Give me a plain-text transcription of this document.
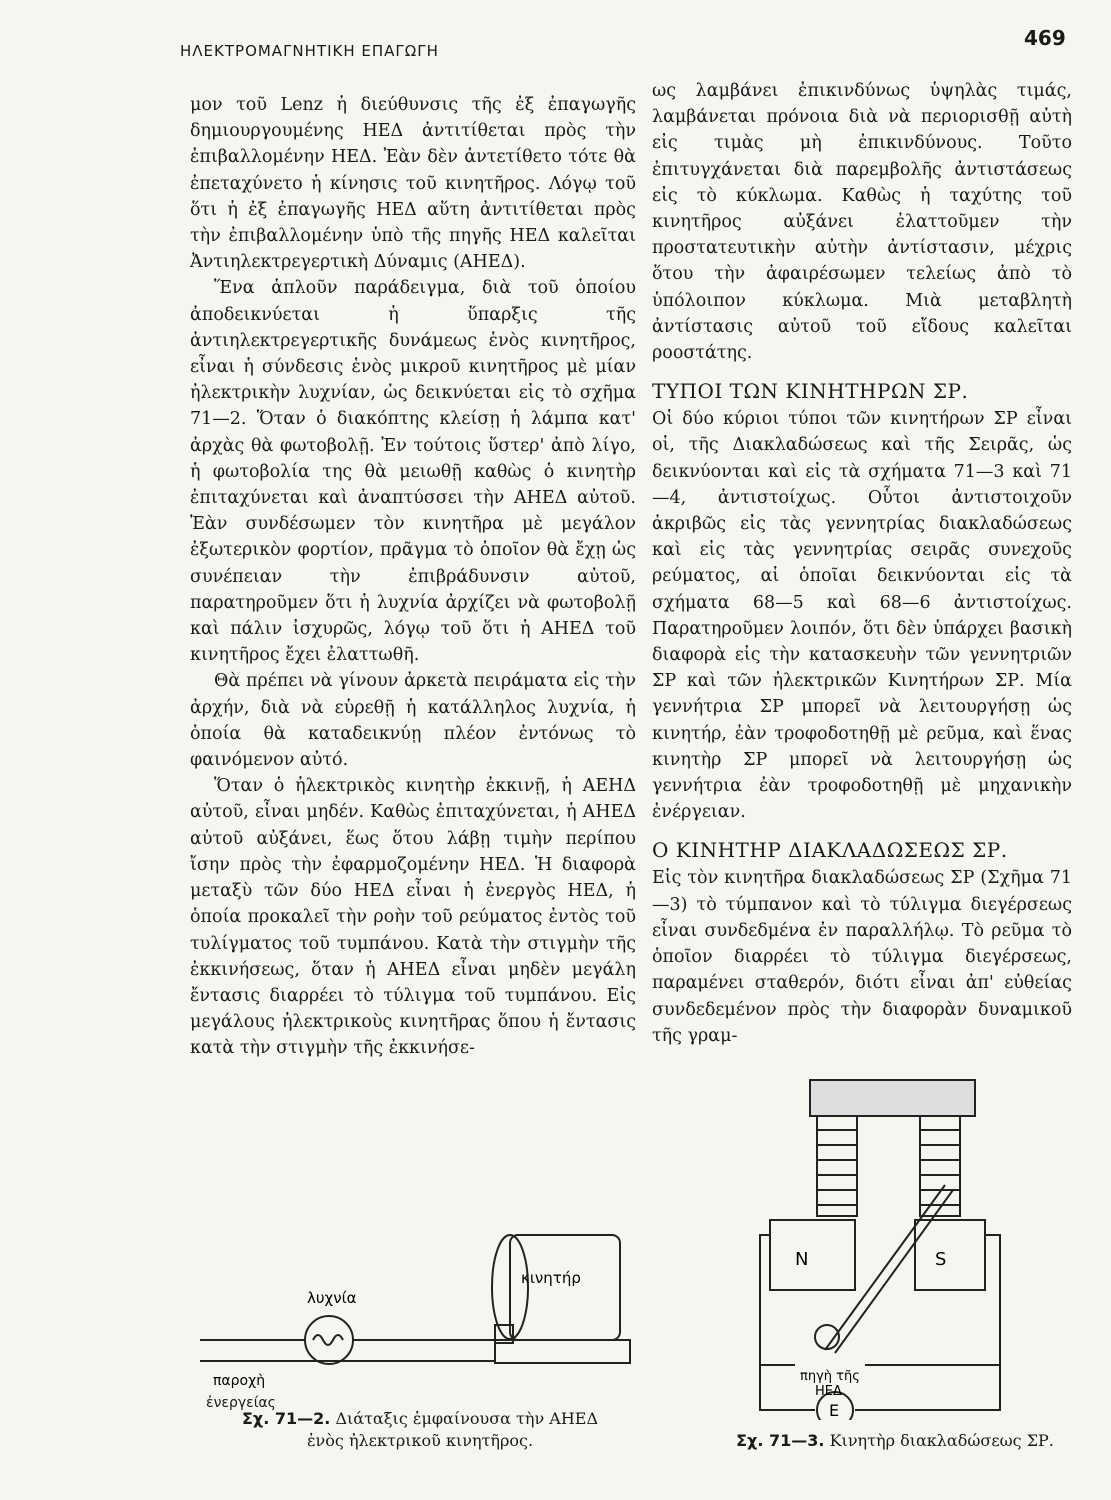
ΗΛΕΚΤΡΟΜΑΓΝΗΤΙΚΗ ΕΠΑΓΩΓΗ
469

μον τοῦ Lenz ἡ διεύθυνσις τῆς ἐξ ἐπαγωγῆς δημιουργουμένης ΗΕΔ ἀντιτίθεται πρὸς τὴν ἐπιβαλλομένην ΗΕΔ. Ἐὰν δὲν ἀντετίθετο τότε θὰ ἐπεταχύνετο ἡ κίνησις τοῦ κινητῆρος. Λόγῳ τοῦ ὅτι ἡ ἐξ ἐπαγωγῆς ΗΕΔ αὕτη ἀντιτίθεται πρὸς τὴν ἐπιβαλλομένην ὑπὸ τῆς πηγῆς ΗΕΔ καλεῖται Ἀντιηλεκτρεγερτικὴ Δύναμις (ΑΗΕΔ).

Ἕνα ἁπλοῦν παράδειγμα, διὰ τοῦ ὁποίου ἀποδεικνύεται ἡ ὕπαρξις τῆς ἀντιηλεκτρεγερτικῆς δυνάμεως ἑνὸς κινητῆρος, εἶναι ἡ σύνδεσις ἑνὸς μικροῦ κινητῆρος μὲ μίαν ἠλεκτρικὴν λυχνίαν, ὡς δεικνύεται εἰς τὸ σχῆμα 71—2. Ὅταν ὁ διακόπτης κλείσῃ ἡ λάμπα κατ' ἀρχὰς θὰ φωτοβολῇ. Ἐν τούτοις ὕστερ' ἀπὸ λίγο, ἡ φωτοβολία της θὰ μειωθῇ καθὼς ὁ κινητὴρ ἐπιταχύνεται καὶ ἀναπτύσσει τὴν ΑΗΕΔ αὐτοῦ. Ἐὰν συνδέσωμεν τὸν κινητῆρα μὲ μεγάλον ἐξωτερικὸν φορτίον, πρᾶγμα τὸ ὁποῖον θὰ ἔχῃ ὡς συνέπειαν τὴν ἐπιβράδυνσιν αὐτοῦ, παρατηροῦμεν ὅτι ἡ λυχνία ἀρχίζει νὰ φωτοβολῇ καὶ πάλιν ἰσχυρῶς, λόγῳ τοῦ ὅτι ἡ ΑΗΕΔ τοῦ κινητῆρος ἔχει ἐλαττωθῆ.

Θὰ πρέπει νὰ γίνουν ἀρκετὰ πειράματα εἰς τὴν ἀρχήν, διὰ νὰ εὑρεθῇ ἡ κατάλληλος λυχνία, ἡ ὁποία θὰ καταδεικνύῃ πλέον ἐντόνως τὸ φαινόμενον αὐτό.

Ὅταν ὁ ἠλεκτρικὸς κινητὴρ ἐκκινῇ, ἡ ΑΕΗΔ αὐτοῦ, εἶναι μηδέν. Καθὼς ἐπιταχύνεται, ἡ ΑΗΕΔ αὐτοῦ αὐξάνει, ἕως ὅτου λάβῃ τιμὴν περίπου ἴσην πρὸς τὴν ἐφαρμοζομένην ΗΕΔ. Ἡ διαφορὰ μεταξὺ τῶν δύο ΗΕΔ εἶναι ἡ ἐνεργὸς ΗΕΔ, ἡ ὁποία προκαλεῖ τὴν ροὴν τοῦ ρεύματος ἐντὸς τοῦ τυλίγματος τοῦ τυμπάνου. Κατὰ τὴν στιγμὴν τῆς ἐκκινήσεως, ὅταν ἡ ΑΗΕΔ εἶναι μηδὲν μεγάλη ἔντασις διαρρέει τὸ τύλιγμα τοῦ τυμπάνου. Εἰς μεγάλους ἠλεκτρικοὺς κινητῆρας ὅπου ἡ ἔντασις κατὰ τὴν στιγμὴν τῆς ἐκκινήσε-

ως λαμβάνει ἐπικινδύνως ὑψηλὰς τιμάς, λαμβάνεται πρόνοια διὰ νὰ περιορισθῇ αὐτὴ εἰς τιμὰς μὴ ἐπικινδύνους. Τοῦτο ἐπιτυγχάνεται διὰ παρεμβολῆς ἀντιστάσεως εἰς τὸ κύκλωμα. Καθὼς ἡ ταχύτης τοῦ κινητῆρος αὐξάνει ἐλαττοῦμεν τὴν προστατευτικὴν αὐτὴν ἀντίστασιν, μέχρις ὅτου τὴν ἀφαιρέσωμεν τελείως ἀπὸ τὸ ὑπόλοιπον κύκλωμα. Μιὰ μεταβλητὴ ἀντίστασις αὐτοῦ τοῦ εἴδους καλεῖται ροοστάτης.

ΤΥΠΟΙ ΤΩΝ ΚΙΝΗΤΗΡΩΝ ΣΡ.

Οἱ δύο κύριοι τύποι τῶν κινητήρων ΣΡ εἶναι οἱ, τῆς Διακλαδώσεως καὶ τῆς Σειρᾶς, ὡς δεικνύονται καὶ εἰς τὰ σχήματα 71—3 καὶ 71—4, ἀντιστοίχως. Οὗτοι ἀντιστοιχοῦν ἀκριβῶς εἰς τὰς γεννητρίας διακλαδώσεως καὶ εἰς τὰς γεννητρίας σειρᾶς συνεχοῦς ρεύματος, αἱ ὁποῖαι δεικνύονται εἰς τὰ σχήματα 68—5 καὶ 68—6 ἀντιστοίχως. Παρατηροῦμεν λοιπόν, ὅτι δὲν ὑπάρχει βασικὴ διαφορὰ εἰς τὴν κατασκευὴν τῶν γεννητριῶν ΣΡ καὶ τῶν ἠλεκτρικῶν Κινητήρων ΣΡ. Μία γεννήτρια ΣΡ μπορεῖ νὰ λειτουργήσῃ ὡς κινητήρ, ἐὰν τροφοδοτηθῇ μὲ ρεῦμα, καὶ ἕνας κινητὴρ ΣΡ μπορεῖ νὰ λειτουργήσῃ ὡς γεννήτρια ἐὰν τροφοδοτηθῇ μὲ μηχανικὴν ἐνέργειαν.

Ο ΚΙΝΗΤΗΡ ΔΙΑΚΛΑΔΩΣΕΩΣ ΣΡ.

Εἰς τὸν κινητῆρα διακλαδώσεως ΣΡ (Σχῆμα 71—3) τὸ τύμπανον καὶ τὸ τύλιγμα διεγέρσεως εἶναι συνδεδμένα ἐν παραλλήλῳ. Τὸ ρεῦμα τὸ ὁποῖον διαρρέει τὸ τύλιγμα διεγέρσεως, παραμένει σταθερόν, διότι εἶναι ἀπ' εὐθείας συνδεδεμένον πρὸς τὴν διαφορὰν δυναμικοῦ τῆς γραμ-

κινητήρ
λυχνία
παροχὴ
ἐνεργείας
Σχ. 71—2. Διάταξις ἐμφαίνουσα τὴν ΑΗΕΔ
ἑνὸς ἠλεκτρικοῦ κινητῆρος.
N	S
πηγὴ τῆς
ΗΕΔ
E
Σχ. 71—3. Κινητὴρ διακλαδώσεως ΣΡ.
